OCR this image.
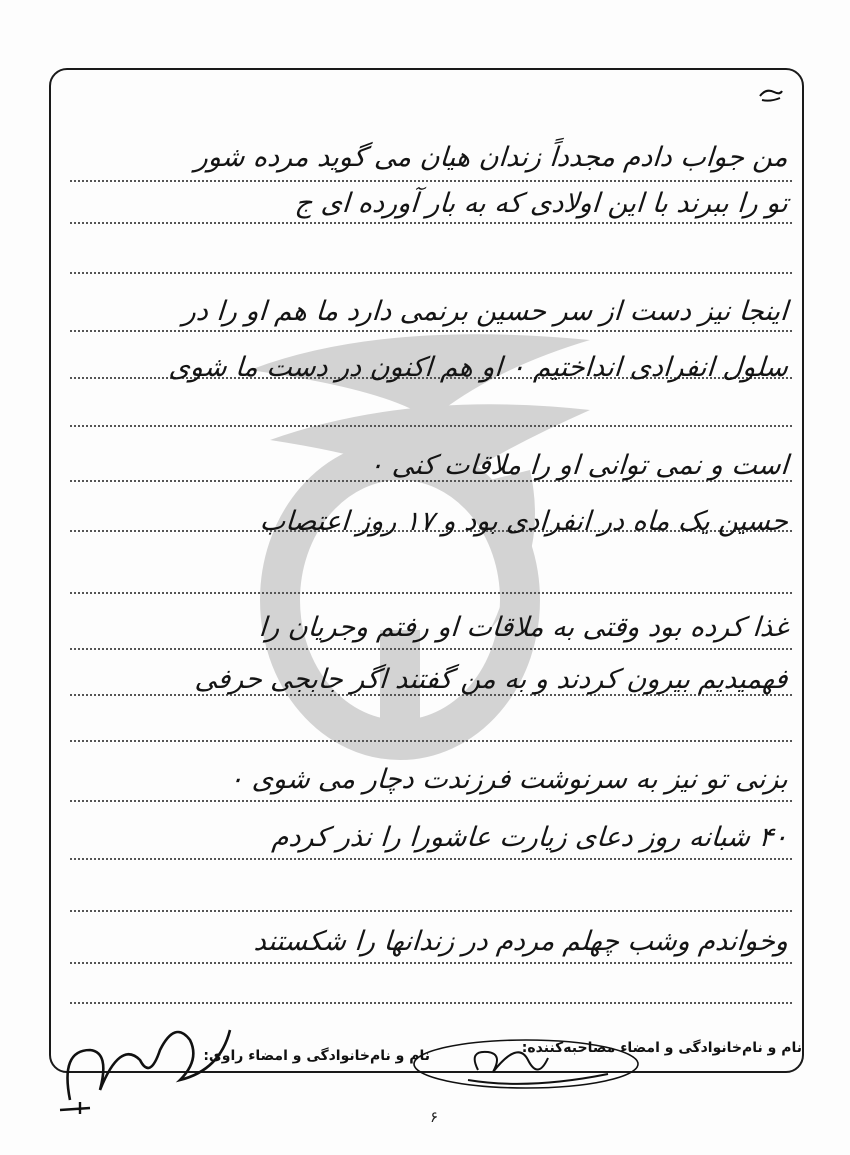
من جواب دادم مجدداً زندان هیان می گوید مرده شور
تو را ببرند با این اولادی که به بار آورده ای ج
اینجا نیز دست از سر حسین برنمی دارد ما هم او را در
سلول انفرادی انداختیم ۰ او هم اکنون در دست ما شوی
است و نمی توانی او را ملاقات کنی ۰
حسین یک ماه در انفرادی بود و ۱۷ روز اعتصاب
غذا کرده بود وقتی به ملاقات او رفتم وجریان را
فهمیدیم بیرون کردند و به من گفتند اگر جابجی حرفی
بزنی تو نیز به سرنوشت فرزندت دچار می شوی ۰
۴۰ شبانه روز دعای زیارت عاشورا را نذر کردم
وخواندم وشب چهلم مردم در زندانها را شکستند
نام و نام‌خانوادگی و امضاء مصاحبه‌کننده:
نام و نام‌خانوادگی و امضاء راوی:
۶
